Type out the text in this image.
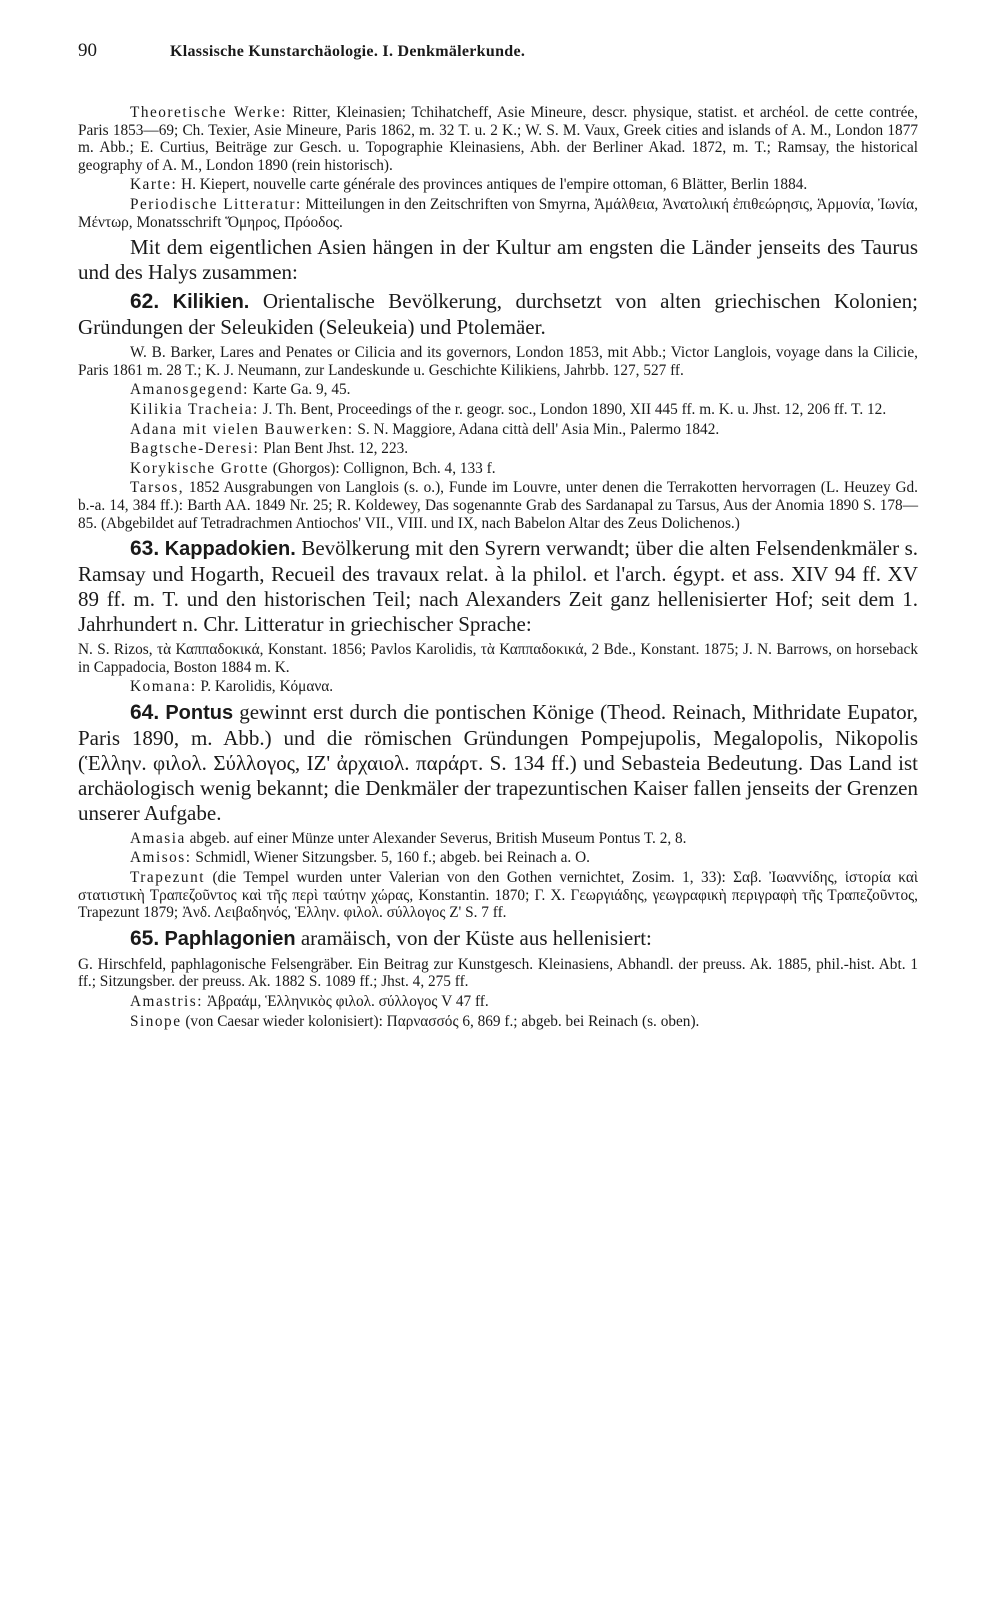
90	Klassische Kunstarchäologie. I. Denkmälerkunde.

Theoretische Werke: Ritter, Kleinasien; Tchihatcheff, Asie Mineure, descr. physique, statist. et archéol. de cette contrée, Paris 1853—69; Ch. Texier, Asie Mineure, Paris 1862, m. 32 T. u. 2 K.; W. S. M. Vaux, Greek cities and islands of A. M., London 1877 m. Abb.; E. Curtius, Beiträge zur Gesch. u. Topographie Kleinasiens, Abh. der Berliner Akad. 1872, m. T.; Ramsay, the historical geography of A. M., London 1890 (rein historisch).

Karte: H. Kiepert, nouvelle carte générale des provinces antiques de l'empire ottoman, 6 Blätter, Berlin 1884.

Periodische Litteratur: Mitteilungen in den Zeitschriften von Smyrna, Ἀμάλθεια, Ἀνατολική ἐπιθεώρησις, Ἁρμονία, Ἰωνία, Μέντωρ, Monatsschrift Ὅμηρος, Πρόοδος.

Mit dem eigentlichen Asien hängen in der Kultur am engsten die Länder jenseits des Taurus und des Halys zusammen:

62. Kilikien. Orientalische Bevölkerung, durchsetzt von alten griechischen Kolonien; Gründungen der Seleukiden (Seleukeia) und Ptolemäer.

W. B. Barker, Lares and Penates or Cilicia and its governors, London 1853, mit Abb.; Victor Langlois, voyage dans la Cilicie, Paris 1861 m. 28 T.; K. J. Neumann, zur Landeskunde u. Geschichte Kilikiens, Jahrbb. 127, 527 ff.

Amanosgegend: Karte Ga. 9, 45.

Kilikia Tracheia: J. Th. Bent, Proceedings of the r. geogr. soc., London 1890, XII 445 ff. m. K. u. Jhst. 12, 206 ff. T. 12.

Adana mit vielen Bauwerken: S. N. Maggiore, Adana città dell' Asia Min., Palermo 1842.

Bagtsche-Deresi: Plan Bent Jhst. 12, 223.

Korykische Grotte (Ghorgos): Collignon, Bch. 4, 133 f.

Tarsos, 1852 Ausgrabungen von Langlois (s. o.), Funde im Louvre, unter denen die Terrakotten hervorragen (L. Heuzey Gd. b.-a. 14, 384 ff.): Barth AA. 1849 Nr. 25; R. Koldewey, Das sogenannte Grab des Sardanapal zu Tarsus, Aus der Anomia 1890 S. 178—85. (Abgebildet auf Tetradrachmen Antiochos' VII., VIII. und IX, nach Babelon Altar des Zeus Dolichenos.)

63. Kappadokien. Bevölkerung mit den Syrern verwandt; über die alten Felsendenkmäler s. Ramsay und Hogarth, Recueil des travaux relat. à la philol. et l'arch. égypt. et ass. XIV 94 ff. XV 89 ff. m. T. und den historischen Teil; nach Alexanders Zeit ganz hellenisierter Hof; seit dem 1. Jahrhundert n. Chr. Litteratur in griechischer Sprache:

N. S. Rizos, τὰ Καππαδοκικά, Konstant. 1856; Pavlos Karolidis, τὰ Καππαδοκικά, 2 Bde., Konstant. 1875; J. N. Barrows, on horseback in Cappadocia, Boston 1884 m. K.

Komana: P. Karolidis, Κόμανα.

64. Pontus gewinnt erst durch die pontischen Könige (Theod. Reinach, Mithridate Eupator, Paris 1890, m. Abb.) und die römischen Gründungen Pompejupolis, Megalopolis, Nikopolis (Ἑλλην. φιλολ. Σύλλογος, ΙΖ' ἀρχαιολ. παράρτ. S. 134 ff.) und Sebasteia Bedeutung. Das Land ist archäologisch wenig bekannt; die Denkmäler der trapezuntischen Kaiser fallen jenseits der Grenzen unserer Aufgabe.

Amasia abgeb. auf einer Münze unter Alexander Severus, British Museum Pontus T. 2, 8.

Amisos: Schmidl, Wiener Sitzungsber. 5, 160 f.; abgeb. bei Reinach a. O.

Trapezunt (die Tempel wurden unter Valerian von den Gothen vernichtet, Zosim. 1, 33): Σαβ. Ἰωαννίδης, ἱστορία καὶ στατιστικὴ Τραπεζοῦντος καὶ τῆς περὶ ταύτην χώρας, Konstantin. 1870; Γ. Χ. Γεωργιάδης, γεωγραφικὴ περιγραφὴ τῆς Τραπεζοῦντος, Trapezunt 1879; Ἀνδ. Λειβαδηνός, Ἑλλην. φιλολ. σύλλογος Ζ' S. 7 ff.

65. Paphlagonien aramäisch, von der Küste aus hellenisiert:

G. Hirschfeld, paphlagonische Felsengräber. Ein Beitrag zur Kunstgesch. Kleinasiens, Abhandl. der preuss. Ak. 1885, phil.-hist. Abt. 1 ff.; Sitzungsber. der preuss. Ak. 1882 S. 1089 ff.; Jhst. 4, 275 ff.

Amastris: Ἀβραάμ, Ἑλληνικὸς φιλολ. σύλλογος V 47 ff.

Sinope (von Caesar wieder kolonisiert): Παρνασσός 6, 869 f.; abgeb. bei Reinach (s. oben).
